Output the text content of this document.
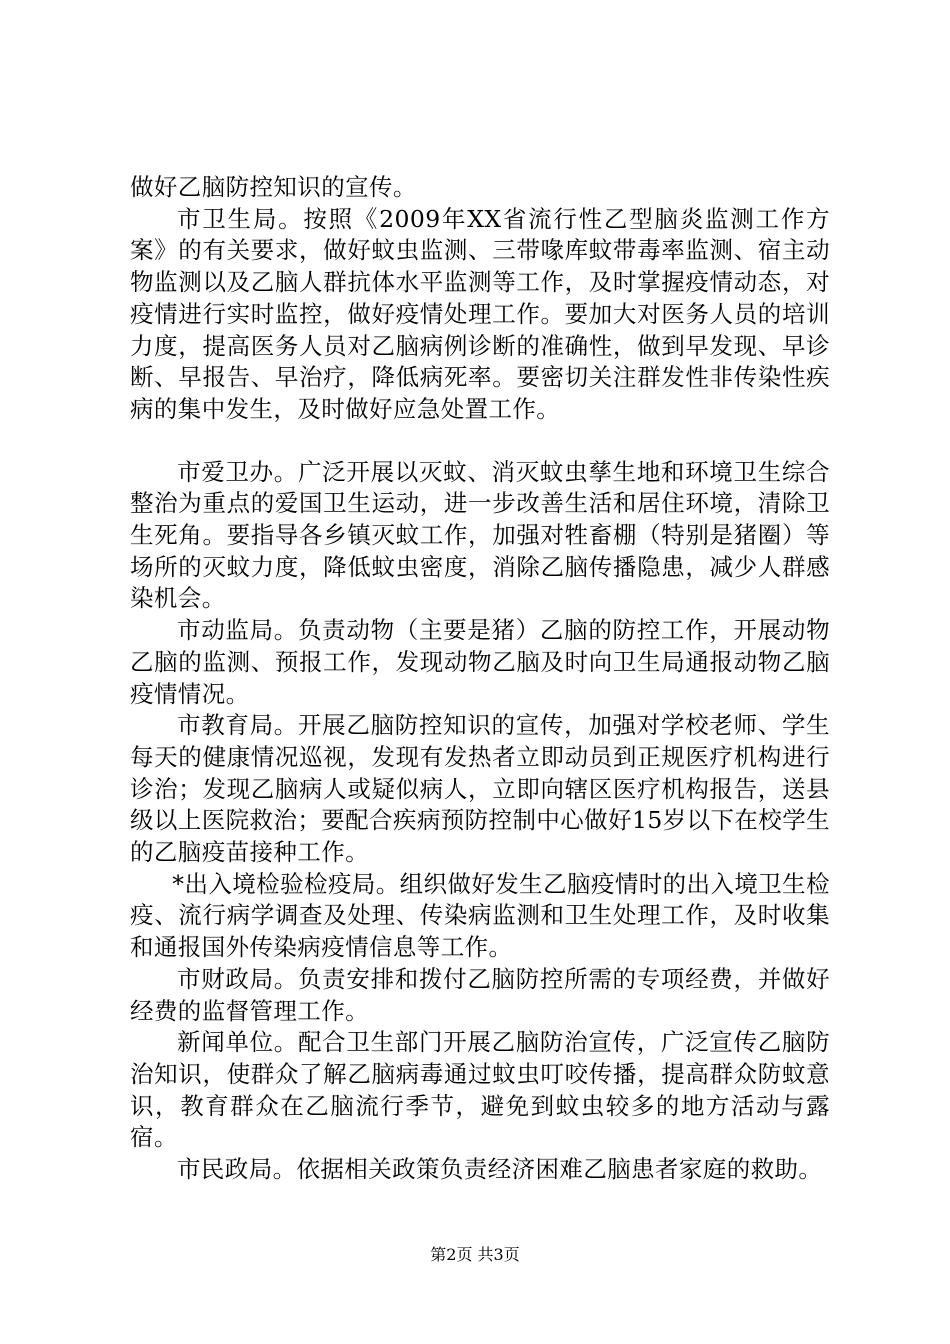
做好乙脑防控知识的宣传。

市卫生局。按照《2009年XX省流行性乙型脑炎监测工作方案》的有关要求，做好蚊虫监测、三带喙库蚊带毒率监测、宿主动物监测以及乙脑人群抗体水平监测等工作，及时掌握疫情动态，对疫情进行实时监控，做好疫情处理工作。要加大对医务人员的培训力度，提高医务人员对乙脑病例诊断的准确性，做到早发现、早诊断、早报告、早治疗，降低病死率。要密切关注群发性非传染性疾病的集中发生，及时做好应急处置工作。

市爱卫办。广泛开展以灭蚊、消灭蚊虫孳生地和环境卫生综合整治为重点的爱国卫生运动，进一步改善生活和居住环境，清除卫生死角。要指导各乡镇灭蚊工作，加强对牲畜棚（特别是猪圈）等场所的灭蚊力度，降低蚊虫密度，消除乙脑传播隐患，减少人群感染机会。

市动监局。负责动物（主要是猪）乙脑的防控工作，开展动物乙脑的监测、预报工作，发现动物乙脑及时向卫生局通报动物乙脑疫情情况。

市教育局。开展乙脑防控知识的宣传，加强对学校老师、学生每天的健康情况巡视，发现有发热者立即动员到正规医疗机构进行诊治；发现乙脑病人或疑似病人，立即向辖区医疗机构报告，送县级以上医院救治；要配合疾病预防控制中心做好15岁以下在校学生的乙脑疫苗接种工作。

*出入境检验检疫局。组织做好发生乙脑疫情时的出入境卫生检疫、流行病学调查及处理、传染病监测和卫生处理工作，及时收集和通报国外传染病疫情信息等工作。

市财政局。负责安排和拨付乙脑防控所需的专项经费，并做好经费的监督管理工作。

新闻单位。配合卫生部门开展乙脑防治宣传，广泛宣传乙脑防治知识，使群众了解乙脑病毒通过蚊虫叮咬传播，提高群众防蚊意识，教育群众在乙脑流行季节，避免到蚊虫较多的地方活动与露宿。

市民政局。依据相关政策负责经济困难乙脑患者家庭的救助。

第2页 共3页
